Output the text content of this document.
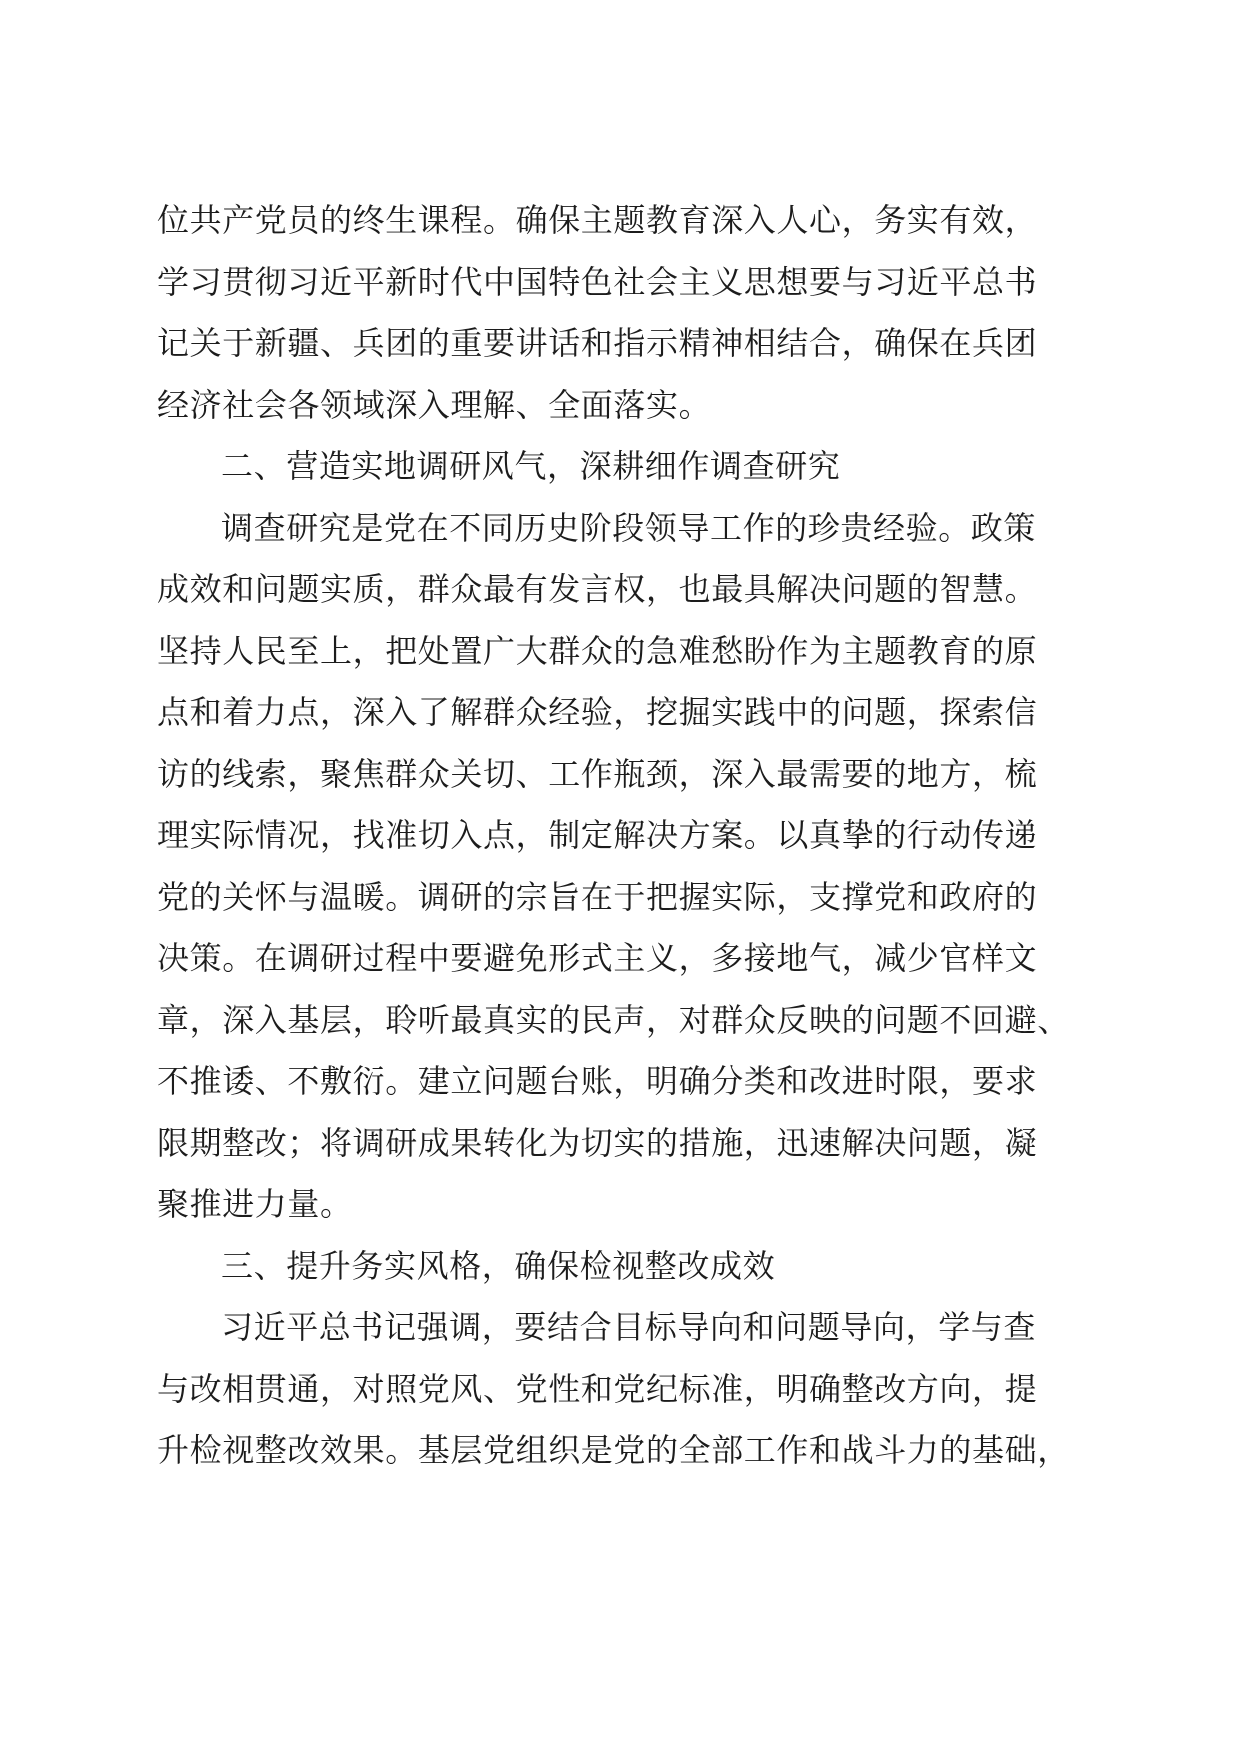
位共产党员的终生课程。确保主题教育深入人心，务实有效，
学习贯彻习近平新时代中国特色社会主义思想要与习近平总书
记关于新疆、兵团的重要讲话和指示精神相结合，确保在兵团
经济社会各领域深入理解、全面落实。
二、营造实地调研风气，深耕细作调查研究
调查研究是党在不同历史阶段领导工作的珍贵经验。政策
成效和问题实质，群众最有发言权，也最具解决问题的智慧。
坚持人民至上，把处置广大群众的急难愁盼作为主题教育的原
点和着力点，深入了解群众经验，挖掘实践中的问题，探索信
访的线索，聚焦群众关切、工作瓶颈，深入最需要的地方，梳
理实际情况，找准切入点，制定解决方案。以真挚的行动传递
党的关怀与温暖。调研的宗旨在于把握实际，支撑党和政府的
决策。在调研过程中要避免形式主义，多接地气，减少官样文
章，深入基层，聆听最真实的民声，对群众反映的问题不回避、
不推诿、不敷衍。建立问题台账，明确分类和改进时限，要求
限期整改；将调研成果转化为切实的措施，迅速解决问题，凝
聚推进力量。
三、提升务实风格，确保检视整改成效
习近平总书记强调，要结合目标导向和问题导向，学与查
与改相贯通，对照党风、党性和党纪标准，明确整改方向，提
升检视整改效果。基层党组织是党的全部工作和战斗力的基础，
